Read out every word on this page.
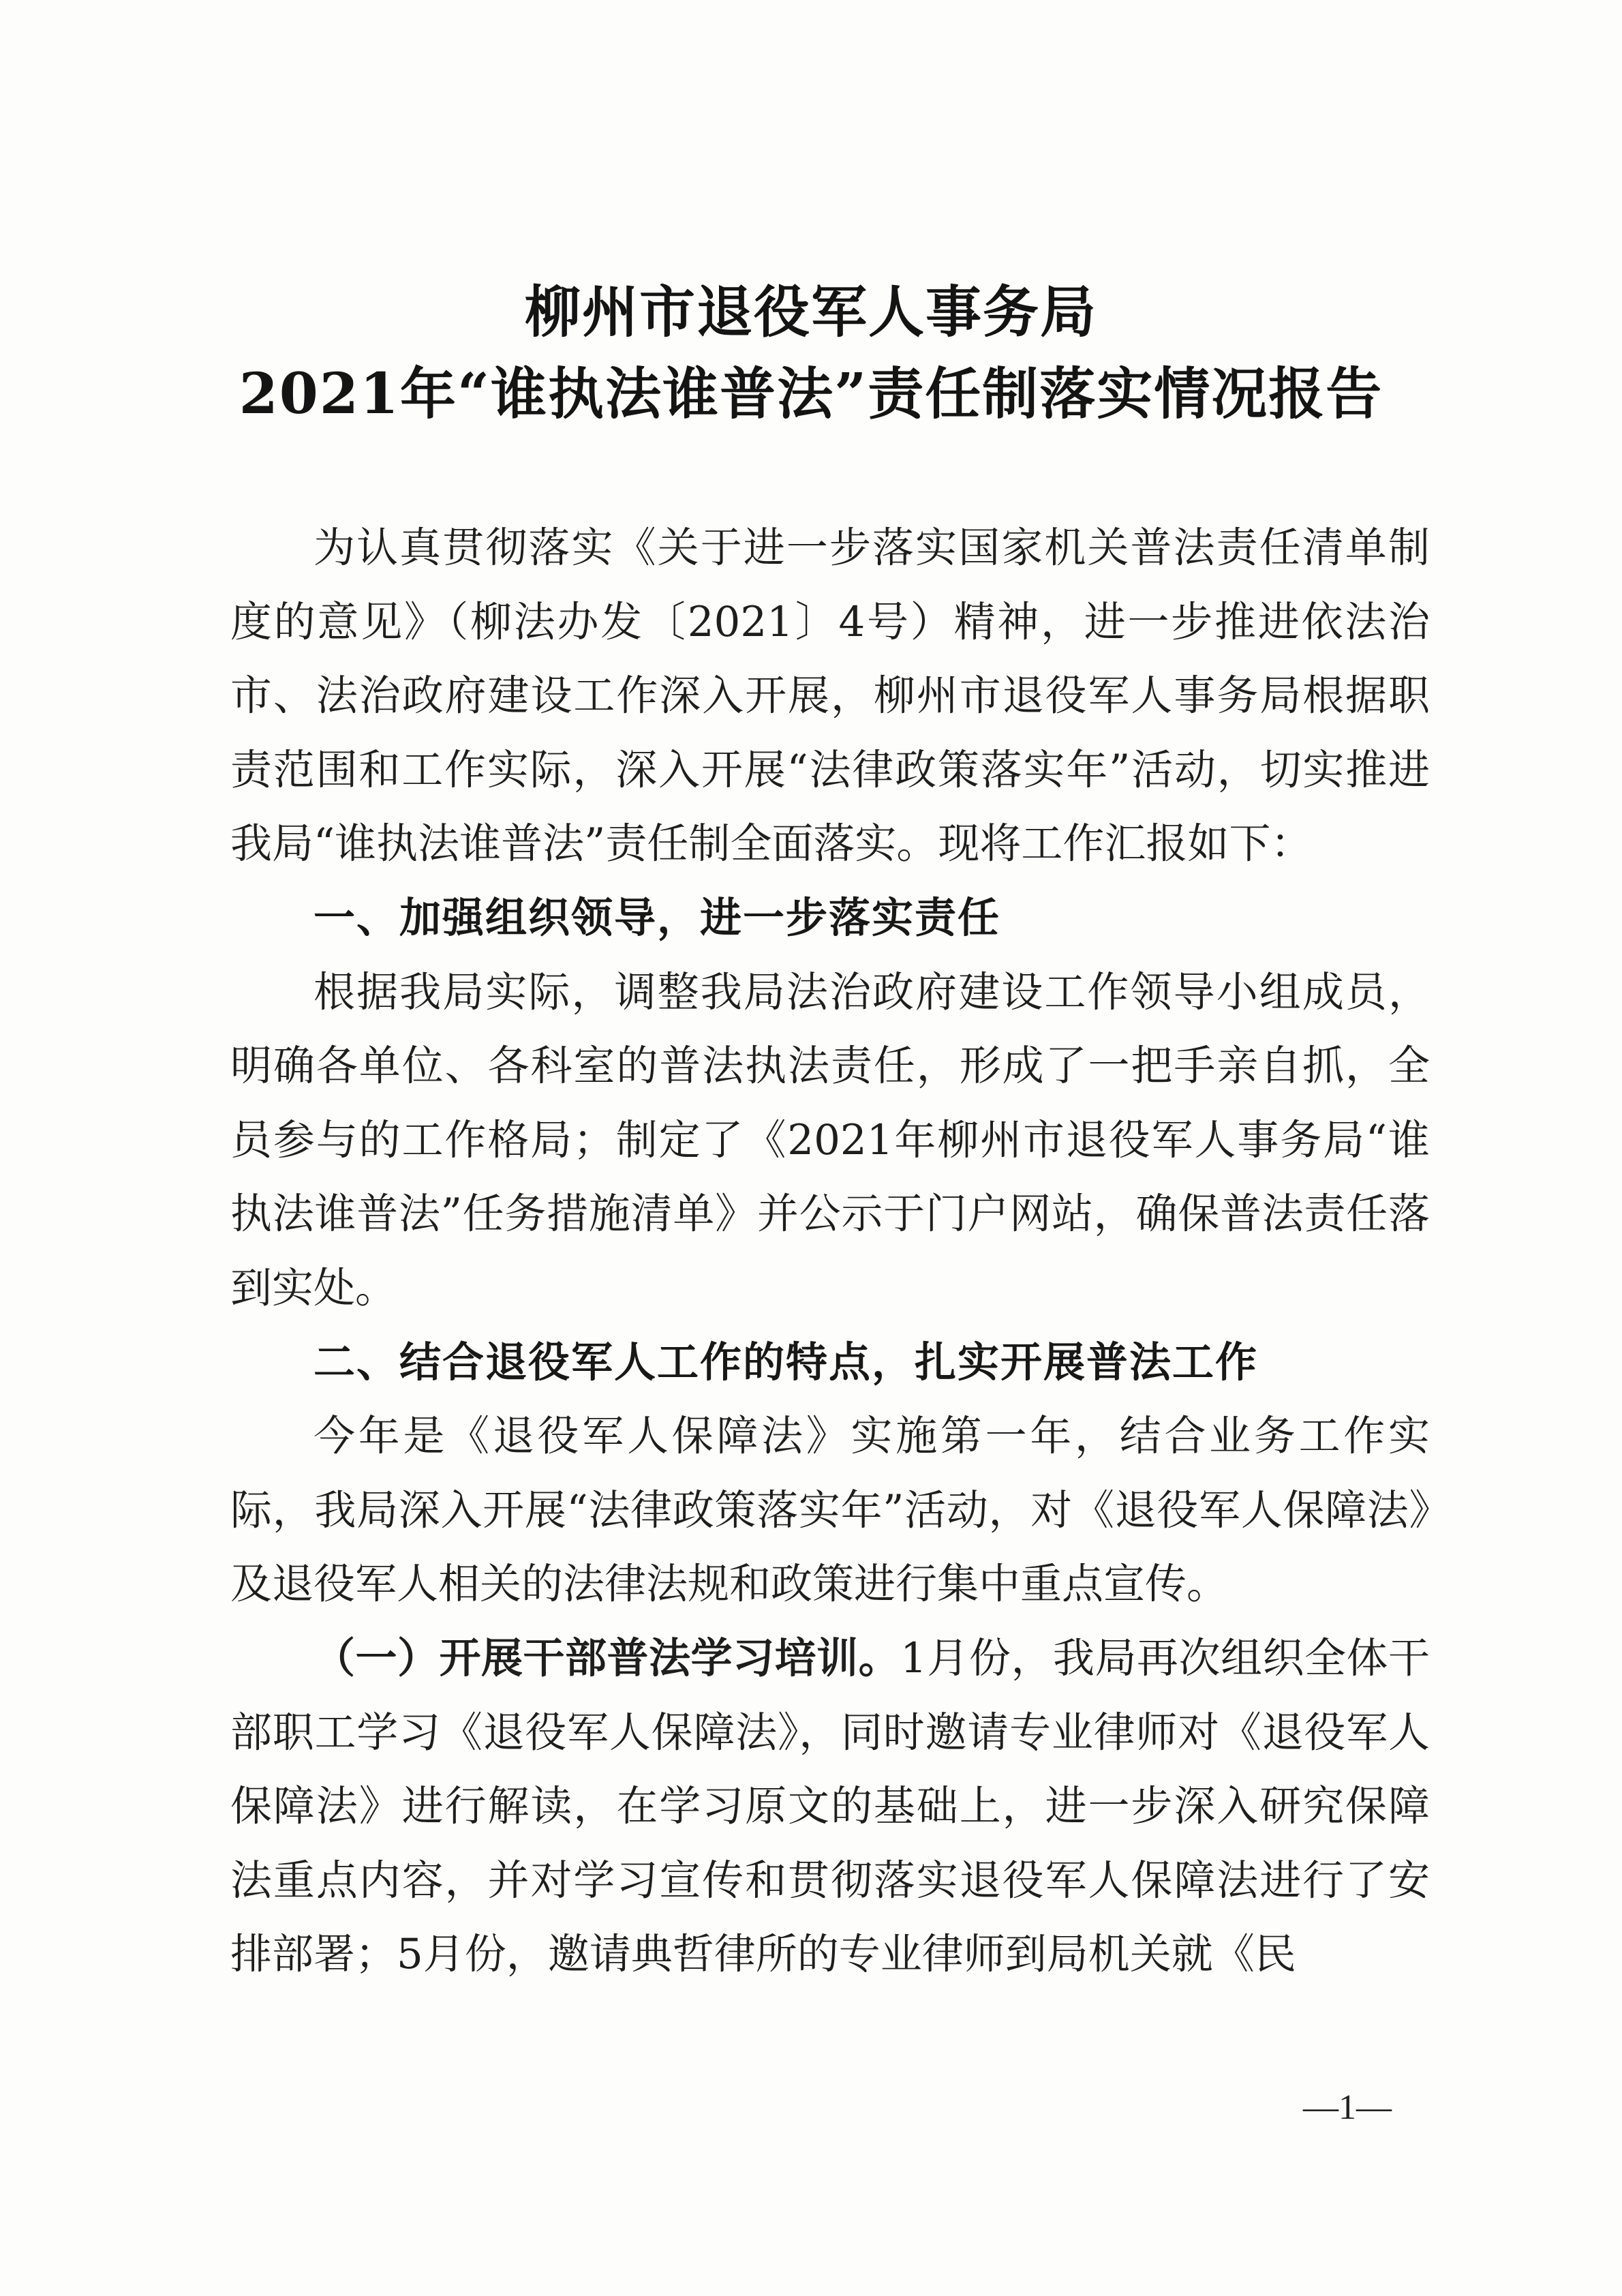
柳州市退役军人事务局
2021年“谁执法谁普法”责任制落实情况报告

为认真贯彻落实《关于进一步落实国家机关普法责任清单制度的意见》（柳法办发〔2021〕4号）精神，进一步推进依法治市、法治政府建设工作深入开展，柳州市退役军人事务局根据职责范围和工作实际，深入开展“法律政策落实年”活动，切实推进我局“谁执法谁普法”责任制全面落实。现将工作汇报如下：

一、加强组织领导，进一步落实责任

根据我局实际，调整我局法治政府建设工作领导小组成员，明确各单位、各科室的普法执法责任，形成了一把手亲自抓，全员参与的工作格局；制定了《2021年柳州市退役军人事务局“谁执法谁普法”任务措施清单》并公示于门户网站，确保普法责任落到实处。

二、结合退役军人工作的特点，扎实开展普法工作

今年是《退役军人保障法》实施第一年，结合业务工作实际，我局深入开展“法律政策落实年”活动，对《退役军人保障法》及退役军人相关的法律法规和政策进行集中重点宣传。

（一）开展干部普法学习培训。1月份，我局再次组织全体干部职工学习《退役军人保障法》，同时邀请专业律师对《退役军人保障法》进行解读，在学习原文的基础上，进一步深入研究保障法重点内容，并对学习宣传和贯彻落实退役军人保障法进行了安排部署；5月份，邀请典哲律所的专业律师到局机关就《民

—1—
